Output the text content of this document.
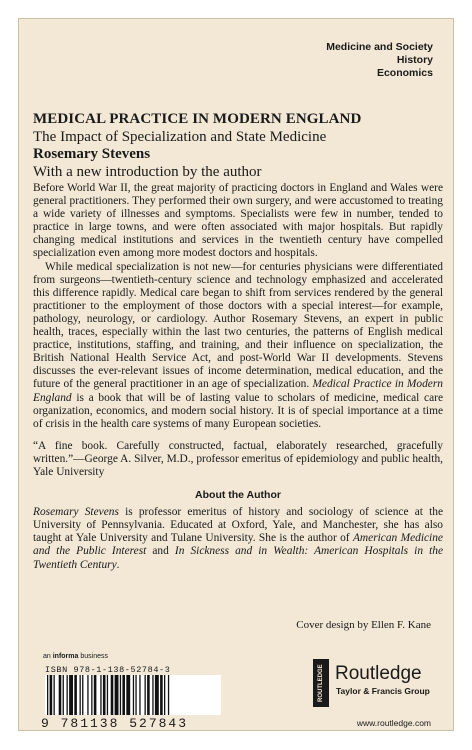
Medicine and Society
History
Economics
MEDICAL PRACTICE IN MODERN ENGLAND
The Impact of Specialization and State Medicine
Rosemary Stevens
With a new introduction by the author

Before World War II, the great majority of practicing doctors in England and Wales were general practitioners. They performed their own surgery, and were accustomed to treating a wide variety of illnesses and symptoms. Specialists were few in number, tended to practice in large towns, and were often associated with major hospitals. But rapidly changing medical institutions and services in the twentieth century have compelled specialization even among more modest doctors and hospitals.

While medical specialization is not new—for centuries physicians were differentiated from surgeons—twentieth-century science and technology emphasized and accelerated this difference rapidly. Medical care began to shift from services rendered by the general practitioner to the employment of those doctors with a special interest—for example, pathology, neurology, or cardiology. Author Rosemary Stevens, an expert in public health, traces, especially within the last two centuries, the patterns of English medical practice, institutions, staffing, and training, and their influence on specialization, the British National Health Service Act, and post-World War II developments. Stevens discusses the ever-relevant issues of income determination, medical education, and the future of the general practitioner in an age of specialization. Medical Practice in Modern England is a book that will be of lasting value to scholars of medicine, medical care organization, economics, and modern social history. It is of special importance at a time of crisis in the health care systems of many European societies.

“A fine book. Carefully constructed, factual, elaborately researched, gracefully written.”—George A. Silver, M.D., professor emeritus of epidemiology and public health, Yale University

About the Author

Rosemary Stevens is professor emeritus of history and sociology of science at the University of Pennsylvania. Educated at Oxford, Yale, and Manchester, she has also taught at Yale University and Tulane University. She is the author of American Medicine and the Public Interest and In Sickness and in Wealth: American Hospitals in the Twentieth Century.

Cover design by Ellen F. Kane
an informa business
ISBN 978-1-138-52784-3
9 781138 527843
ROUTLEDGE Routledge
Taylor & Francis Group
www.routledge.com
